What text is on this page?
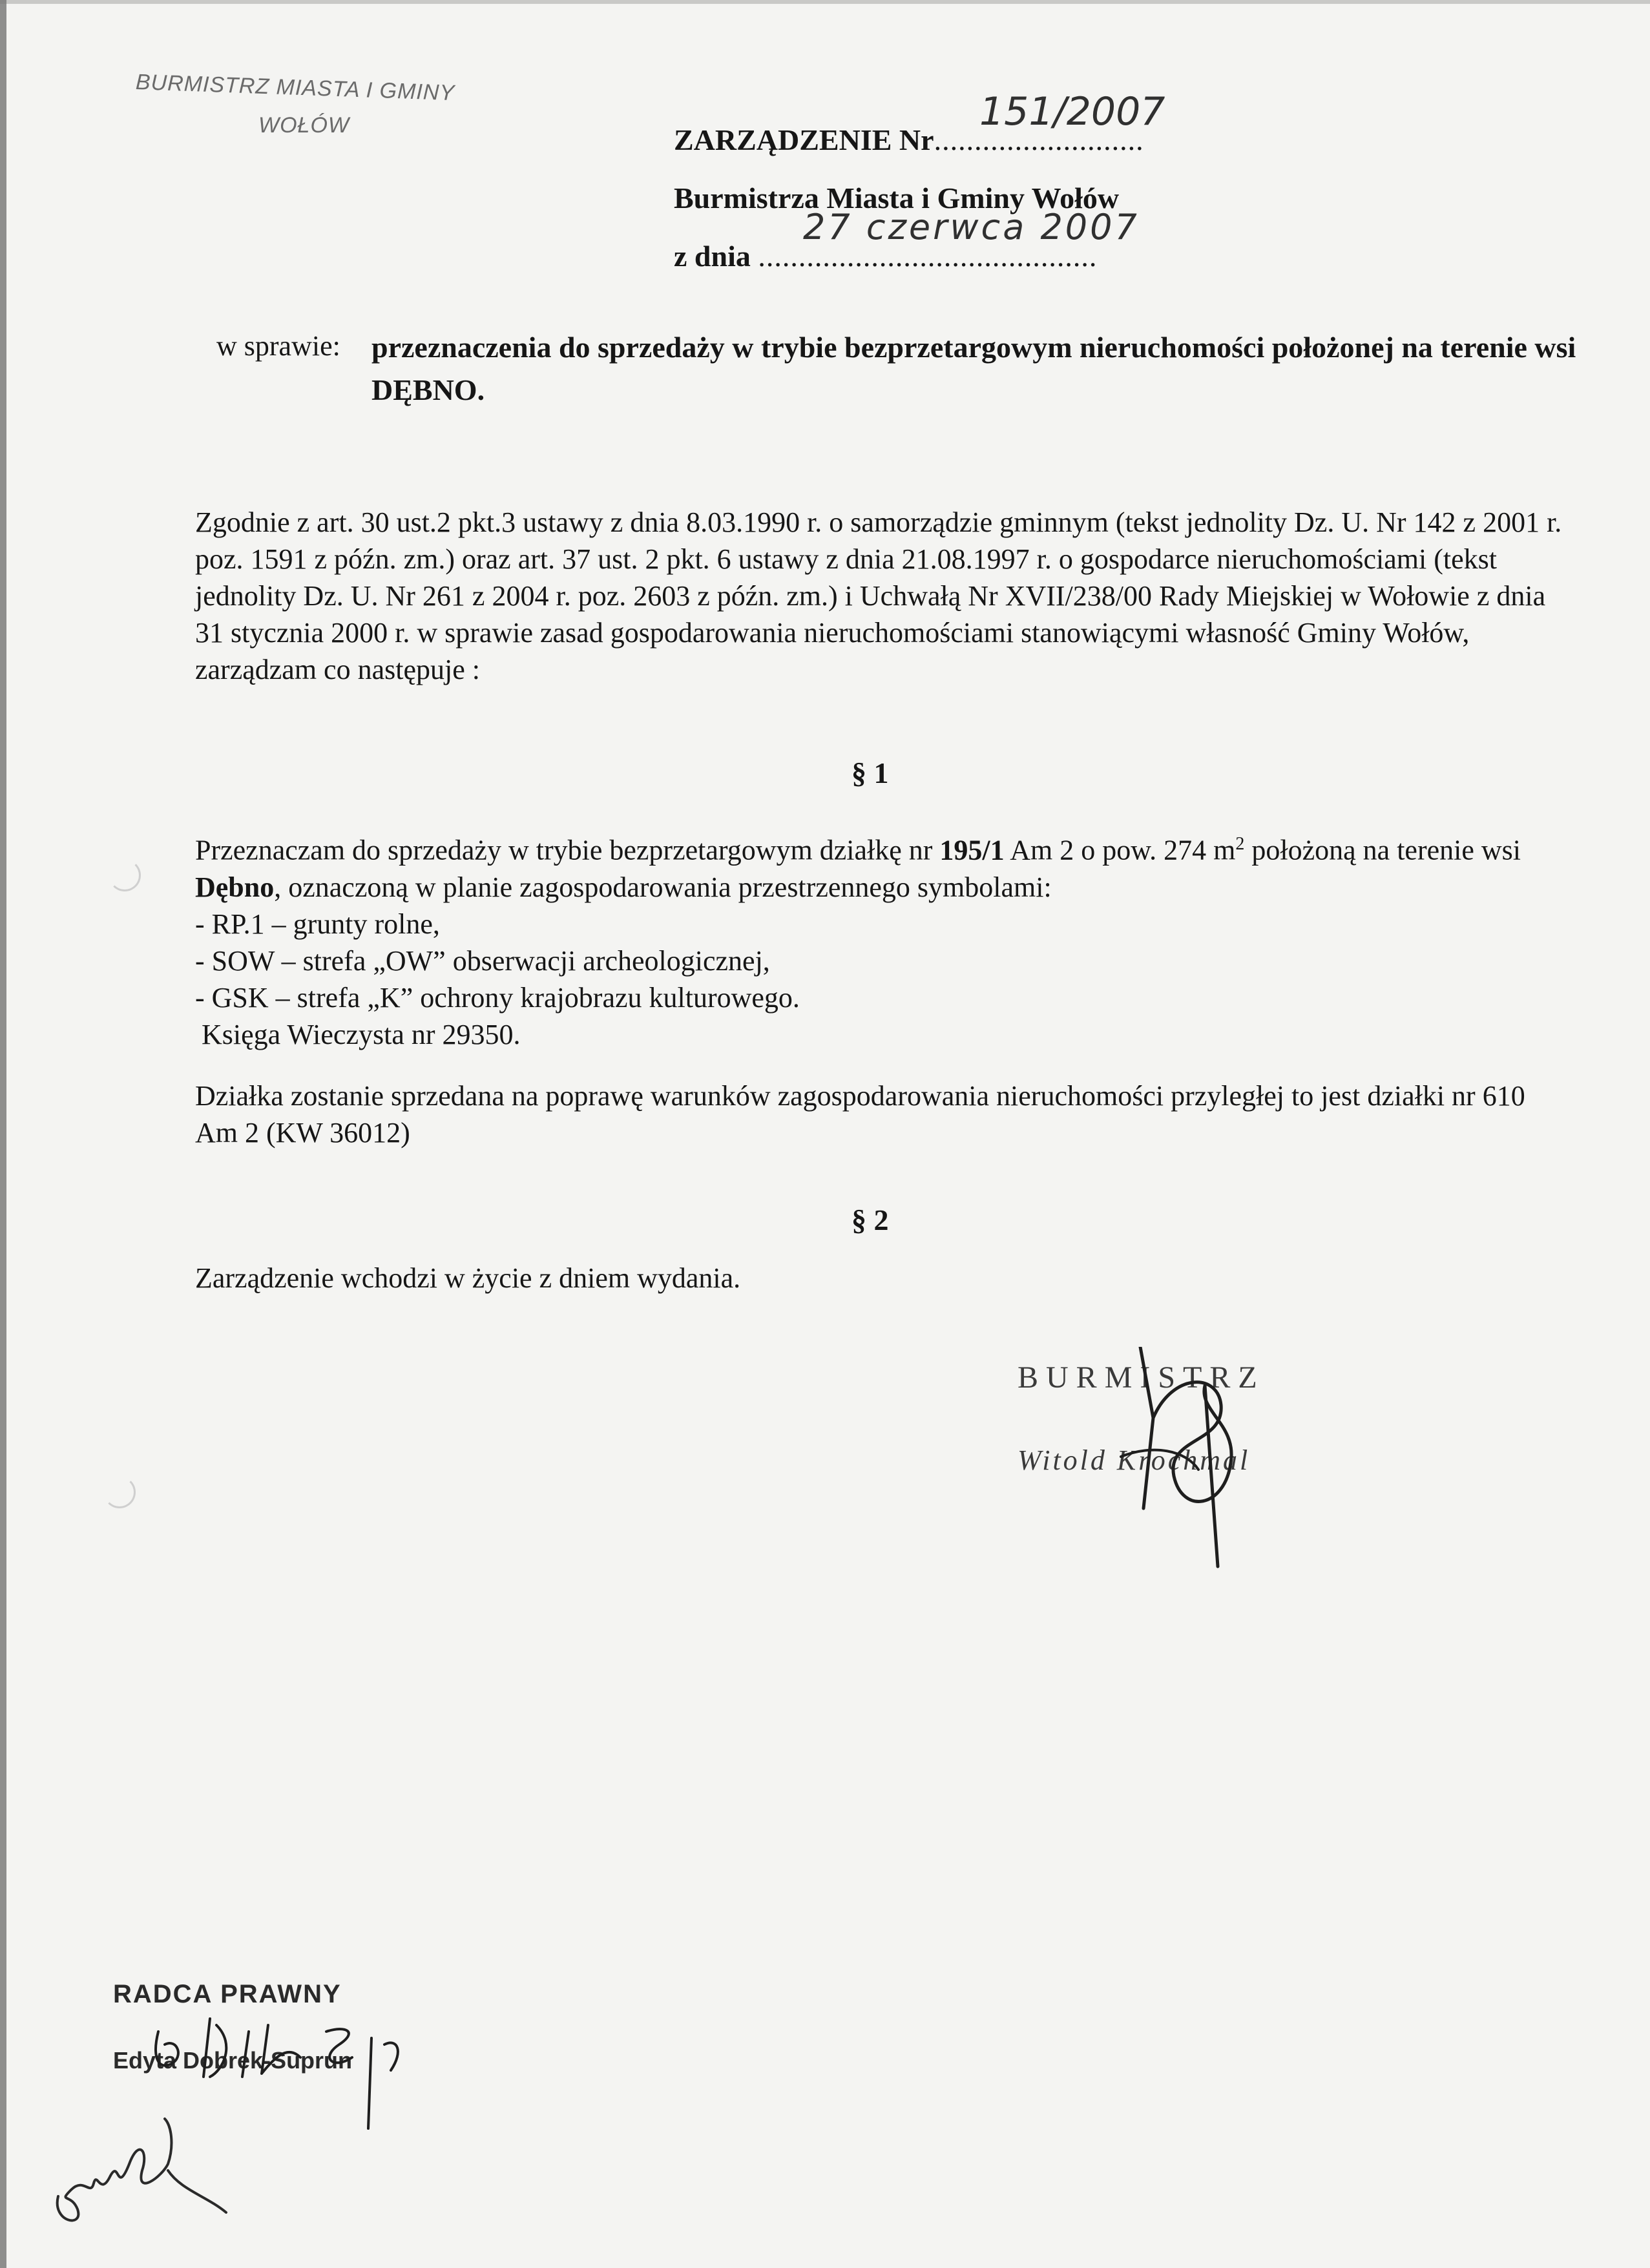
BURMISTRZ MIASTA I GMINY
WOŁÓW	ZARZĄDZENIE Nr..........................
151/2007
Burmistrza Miasta i Gminy Wołów
z dnia ..........................................
27 czerwca 2007
w sprawie: przeznaczenia do sprzedaży w trybie bezprzetargowym nieruchomości położonej na terenie wsi DĘBNO.
Zgodnie z art. 30 ust.2 pkt.3 ustawy z dnia 8.03.1990 r. o samorządzie gminnym (tekst jednolity Dz. U. Nr 142 z 2001 r. poz. 1591 z późn. zm.) oraz art. 37 ust. 2 pkt. 6 ustawy z dnia 21.08.1997 r. o gospodarce nieruchomościami (tekst jednolity Dz. U. Nr 261 z 2004 r. poz. 2603 z późn. zm.) i Uchwałą Nr XVII/238/00 Rady Miejskiej w Wołowie z dnia 31 stycznia 2000 r. w sprawie zasad gospodarowania nieruchomościami stanowiącymi własność Gminy Wołów, zarządzam co następuje :
§ 1
Przeznaczam do sprzedaży w trybie bezprzetargowym działkę nr 195/1 Am 2 o pow. 274 $m^2$ położoną na terenie wsi Dębno, oznaczoną w planie zagospodarowania przestrzennego symbolami:
- RP.1 – grunty rolne,
- SOW – strefa „OW” obserwacji archeologicznej,
- GSK – strefa „K” ochrony krajobrazu kulturowego.
Księga Wieczysta nr 29350.
Działka zostanie sprzedana na poprawę warunków zagospodarowania nieruchomości przyległej to jest działki nr 610 Am 2 (KW 36012)
§ 2
Zarządzenie wchodzi w życie z dniem wydania.
BURMISTRZ
Witold Krochmal
RADCA PRAWNY
Edyta Dobrek-Suprun
